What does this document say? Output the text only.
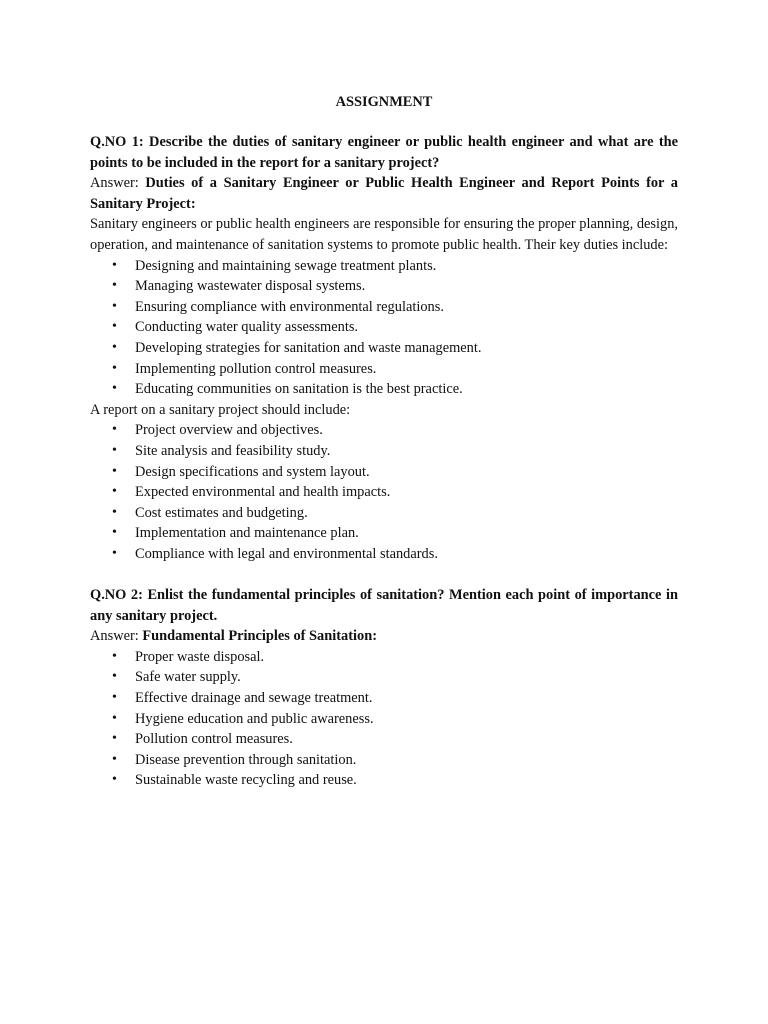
ASSIGNMENT

Q.NO 1: Describe the duties of sanitary engineer or public health engineer and what are the points to be included in the report for a sanitary project?

Answer: Duties of a Sanitary Engineer or Public Health Engineer and Report Points for a Sanitary Project:

Sanitary engineers or public health engineers are responsible for ensuring the proper planning, design, operation, and maintenance of sanitation systems to promote public health. Their key duties include:

• Designing and maintaining sewage treatment plants.
• Managing wastewater disposal systems.
• Ensuring compliance with environmental regulations.
• Conducting water quality assessments.
• Developing strategies for sanitation and waste management.
• Implementing pollution control measures.
• Educating communities on sanitation is the best practice.

A report on a sanitary project should include:

• Project overview and objectives.
• Site analysis and feasibility study.
• Design specifications and system layout.
• Expected environmental and health impacts.
• Cost estimates and budgeting.
• Implementation and maintenance plan.
• Compliance with legal and environmental standards.

Q.NO 2: Enlist the fundamental principles of sanitation? Mention each point of importance in any sanitary project.

Answer: Fundamental Principles of Sanitation:

• Proper waste disposal.
• Safe water supply.
• Effective drainage and sewage treatment.
• Hygiene education and public awareness.
• Pollution control measures.
• Disease prevention through sanitation.
• Sustainable waste recycling and reuse.
